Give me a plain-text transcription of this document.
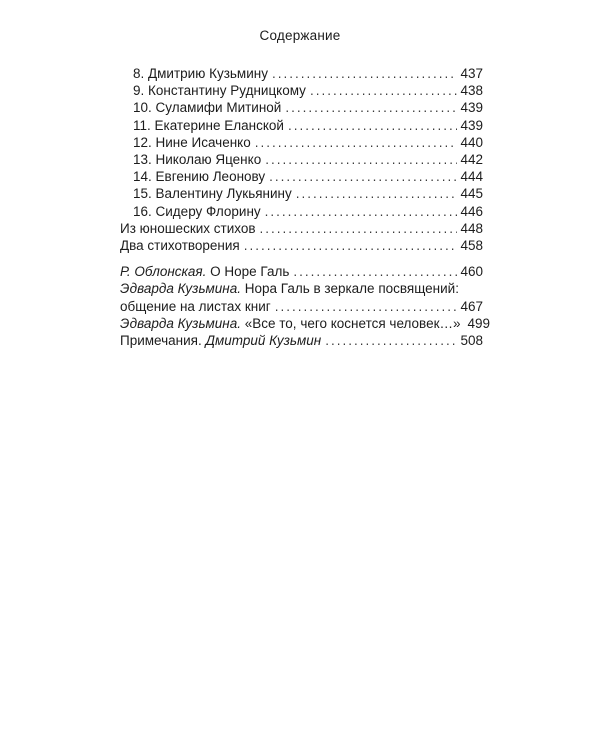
Содержание
8. Дмитрию Кузьмину .....	437
9. Константину Рудницкому .....	438
10. Суламифи Митиной .....	439
11. Екатерине Еланской .....	439
12. Нине Исаченко .....	440
13. Николаю Яценко .....	442
14. Евгению Леонову .....	444
15. Валентину Лукьянину .....	445
16. Сидеру Флорину .....	446
Из юношеских стихов .....	448
Два стихотворения .....	458
Р. Облонская. О Норе Галь .....	460
Эдварда Кузьмина. Нора Галь в зеркале посвящений:
общение на листах книг .....	467
Эдварда Кузьмина. «Все то, чего коснется человек…» 499
Примечания. Дмитрий Кузьмин .....	508
